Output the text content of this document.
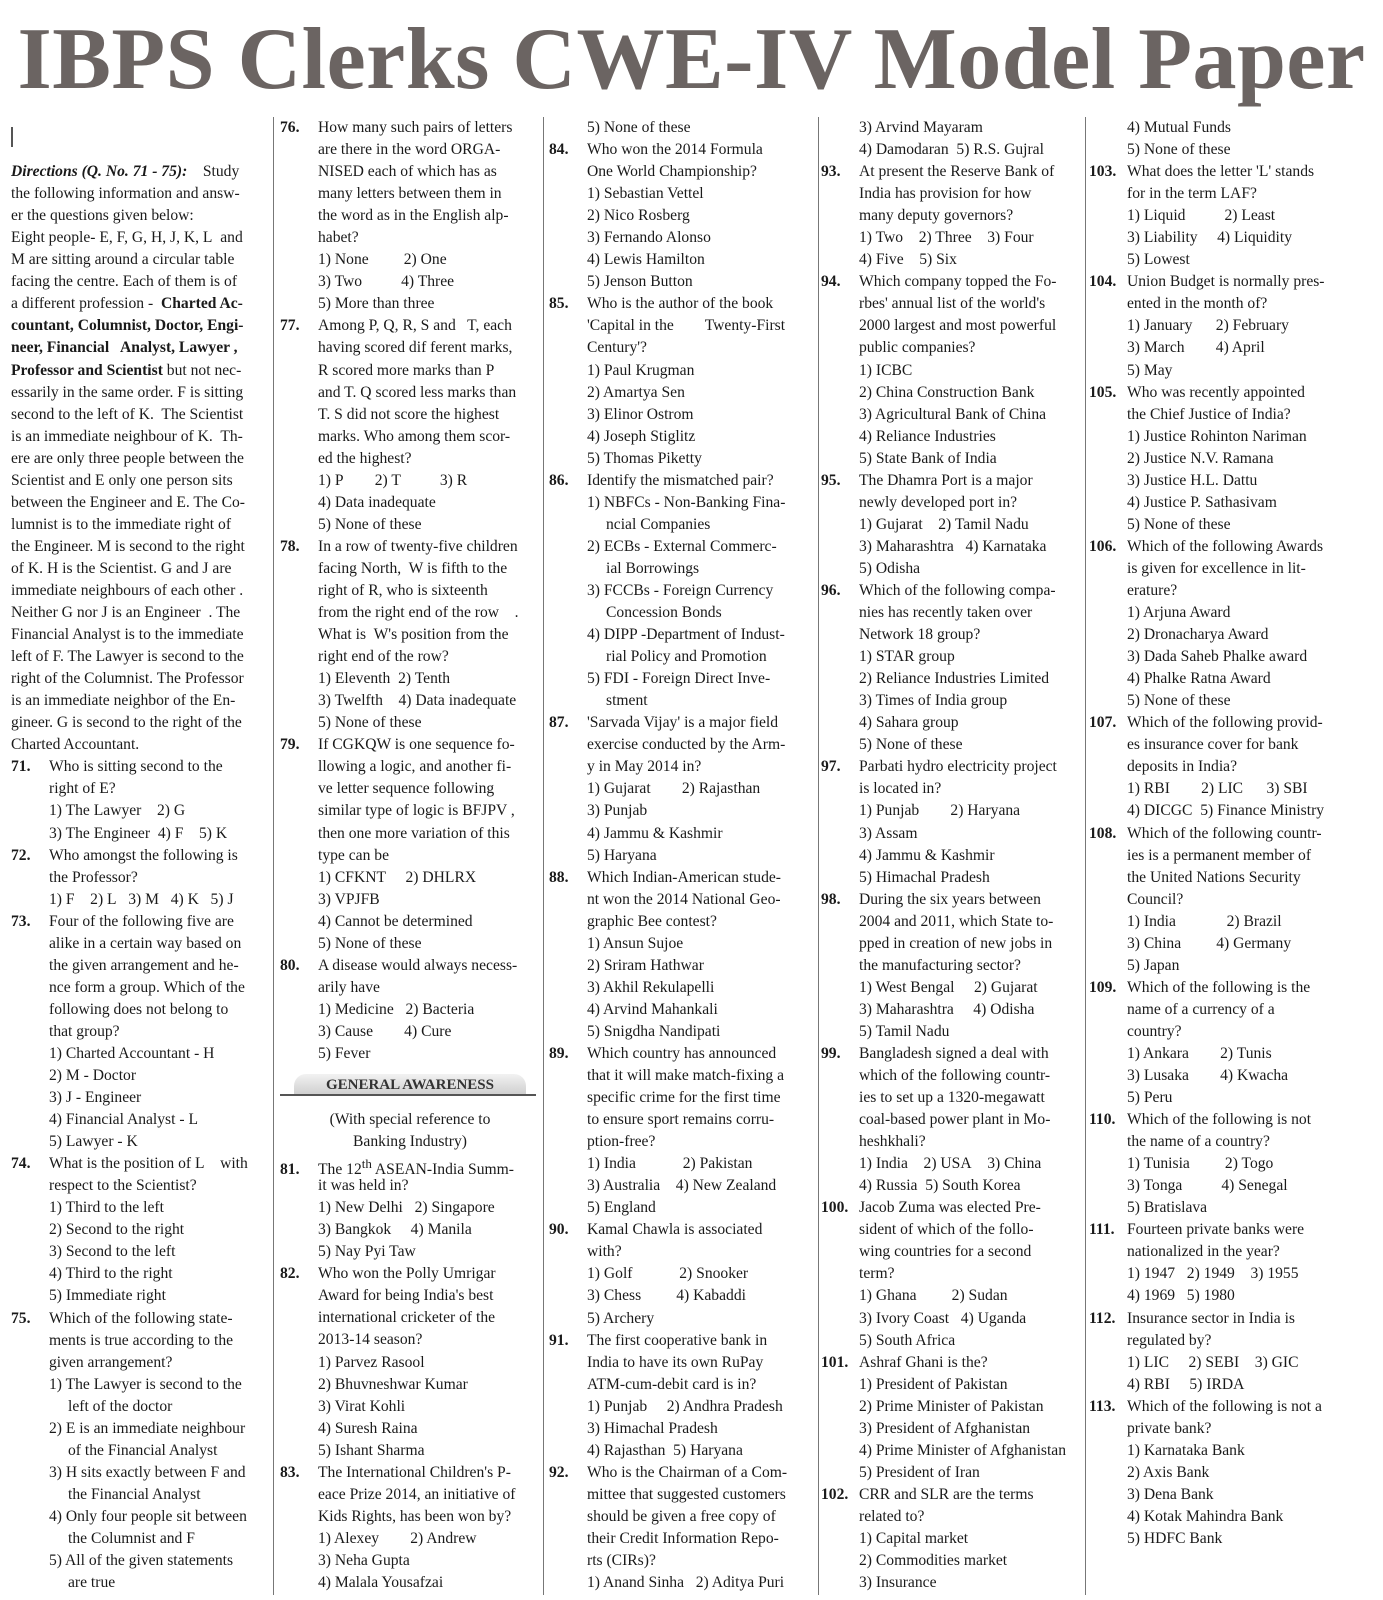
IBPS Clerks CWE-IV Model Paper
Directions (Q. No. 71 - 75):    Study
the following information and answ-
er the questions given below:
Eight people- E, F, G, H, J, K, L  and
M are sitting around a circular table
facing the centre. Each of them is of
a different profession -  Charted Ac-
countant, Columnist, Doctor, Engi-
neer, Financial   Analyst, Lawyer ,
Professor and Scientist but not nec-
essarily in the same order. F is sitting
second to the left of K.  The Scientist
is an immediate neighbour of K.  Th-
ere are only three people between the
Scientist and E only one person sits
between the Engineer and E. The Co-
lumnist is to the immediate right of
the Engineer. M is second to the right
of K. H is the Scientist. G and J are
immediate neighbours of each other .
Neither G nor J is an Engineer  . The
Financial Analyst is to the immediate
left of F. The Lawyer is second to the
right of the Columnist. The Professor
is an immediate neighbor of the En-
gineer. G is second to the right of the
Charted Accountant.
71. Who is sitting second to the
right of E?
1) The Lawyer    2) G
3) The Engineer  4) F    5) K
72. Who amongst the following is
the Professor?
1) F    2) L   3) M   4) K   5) J
73. Four of the following five are
alike in a certain way based on
the given arrangement and he-
nce form a group. Which of the
following does not belong to
that group?
1) Charted Accountant - H
2) M - Doctor
3) J - Engineer
4) Financial Analyst - L
5) Lawyer - K
74. What is the position of L    with
respect to the Scientist?
1) Third to the left
2) Second to the right
3) Second to the left
4) Third to the right
5) Immediate right
75. Which of the following state-
ments is true according to the
given arrangement?
1) The Lawyer is second to the
left of the doctor
2) E is an immediate neighbour
of the Financial Analyst
3) H sits exactly between F and
the Financial Analyst
4) Only four people sit between
the Columnist and F
5) All of the given statements
are true
76. How many such pairs of letters
are there in the word ORGA-
NISED each of which has as
many letters between them in
the word as in the English alp-
habet?
1) None         2) One
3) Two          4) Three
5) More than three
77. Among P, Q, R, S and   T, each
having scored dif ferent marks,
R scored more marks than P
and T. Q scored less marks than
T. S did not score the highest
marks. Who among them scor-
ed the highest?
1) P        2) T          3) R
4) Data inadequate
5) None of these
78. In a row of twenty-five children
facing North,  W is fifth to the
right of R, who is sixteenth
from the right end of the row    .
What is  W's position from the
right end of the row?
1) Eleventh  2) Tenth
3) Twelfth    4) Data inadequate
5) None of these
79. If CGKQW is one sequence fo-
llowing a logic, and another fi-
ve letter sequence following
similar type of logic is BFJPV ,
then one more variation of this
type can be
1) CFKNT     2) DHLRX
3) VPJFB
4) Cannot be determined
5) None of these
80. A disease would always necess-
arily have
1) Medicine   2) Bacteria
3) Cause        4) Cure
5) Fever
GENERAL AWARENESS
(With special reference to
Banking Industry)
81. The 12th ASEAN-India Summ-
it was held in?
1) New Delhi   2) Singapore
3) Bangkok     4) Manila
5) Nay Pyi Taw
82. Who won the Polly Umrigar
Award for being India's best
international cricketer of the
2013-14 season?
1) Parvez Rasool
2) Bhuvneshwar Kumar
3) Virat Kohli
4) Suresh Raina
5) Ishant Sharma
83. The International Children's P-
eace Prize 2014, an initiative of
Kids Rights, has been won by?
1) Alexey        2) Andrew
3) Neha Gupta
4) Malala Yousafzai
5) None of these
84. Who won the 2014 Formula
One World Championship?
1) Sebastian Vettel
2) Nico Rosberg
3) Fernando Alonso
4) Lewis Hamilton
5) Jenson Button
85. Who is the author of the book
'Capital in the        Twenty-First
Century'?
1) Paul Krugman
2) Amartya Sen
3) Elinor Ostrom
4) Joseph Stiglitz
5) Thomas Piketty
86. Identify the mismatched pair?
1) NBFCs - Non-Banking Fina-
ncial Companies
2) ECBs - External Commerc-
ial Borrowings
3) FCCBs - Foreign Currency
Concession Bonds
4) DIPP -Department of Indust-
rial Policy and Promotion
5) FDI - Foreign Direct Inve-
stment
87. 'Sarvada Vijay' is a major field
exercise conducted by the Arm-
y in May 2014 in?
1) Gujarat        2) Rajasthan
3) Punjab
4) Jammu & Kashmir
5) Haryana
88. Which Indian-American stude-
nt won the 2014 National Geo-
graphic Bee contest?
1) Ansun Sujoe
2) Sriram Hathwar
3) Akhil Rekulapelli
4) Arvind Mahankali
5) Snigdha Nandipati
89. Which country has announced
that it will make match-fixing a
specific crime for the first time
to ensure sport remains corru-
ption-free?
1) India            2) Pakistan
3) Australia    4) New Zealand
5) England
90. Kamal Chawla is associated
with?
1) Golf            2) Snooker
3) Chess         4) Kabaddi
5) Archery
91. The first cooperative bank in
India to have its own RuPay
ATM-cum-debit card is in?
1) Punjab     2) Andhra Pradesh
3) Himachal Pradesh
4) Rajasthan  5) Haryana
92. Who is the Chairman of a Com-
mittee that suggested customers
should be given a free copy of
their Credit Information Repo-
rts (CIRs)?
1) Anand Sinha   2) Aditya Puri
3) Arvind Mayaram
4) Damodaran  5) R.S. Gujral
93. At present the Reserve Bank of
India has provision for how
many deputy governors?
1) Two    2) Three    3) Four
4) Five    5) Six
94. Which company topped the Fo-
rbes' annual list of the world's
2000 largest and most powerful
public companies?
1) ICBC
2) China Construction Bank
3) Agricultural Bank of China
4) Reliance Industries
5) State Bank of India
95. The Dhamra Port is a major
newly developed port in?
1) Gujarat    2) Tamil Nadu
3) Maharashtra   4) Karnataka
5) Odisha
96. Which of the following compa-
nies has recently taken over
Network 18 group?
1) STAR group
2) Reliance Industries Limited
3) Times of India group
4) Sahara group
5) None of these
97. Parbati hydro electricity project
is located in?
1) Punjab        2) Haryana
3) Assam
4) Jammu & Kashmir
5) Himachal Pradesh
98. During the six years between
2004 and 2011, which State to-
pped in creation of new jobs in
the manufacturing sector?
1) West Bengal     2) Gujarat
3) Maharashtra     4) Odisha
5) Tamil Nadu
99. Bangladesh signed a deal with
which of the following countr-
ies to set up a 1320-megawatt
coal-based power plant in Mo-
heshkhali?
1) India    2) USA    3) China
4) Russia  5) South Korea
100. Jacob Zuma was elected Pre-
sident of which of the follo-
wing countries for a second
term?
1) Ghana         2) Sudan
3) Ivory Coast   4) Uganda
5) South Africa
101. Ashraf Ghani is the?
1) President of Pakistan
2) Prime Minister of Pakistan
3) President of Afghanistan
4) Prime Minister of Afghanistan
5) President of Iran
102. CRR and SLR are the terms
related to?
1) Capital market
2) Commodities market
3) Insurance
4) Mutual Funds
5) None of these
103. What does the letter 'L' stands
for in the term LAF?
1) Liquid          2) Least
3) Liability     4) Liquidity
5) Lowest
104. Union Budget is normally pres-
ented in the month of?
1) January      2) February
3) March        4) April
5) May
105. Who was recently appointed
the Chief Justice of India?
1) Justice Rohinton Nariman
2) Justice N.V. Ramana
3) Justice H.L. Dattu
4) Justice P. Sathasivam
5) None of these
106. Which of the following Awards
is given for excellence in lit-
erature?
1) Arjuna Award
2) Dronacharya Award
3) Dada Saheb Phalke award
4) Phalke Ratna Award
5) None of these
107. Which of the following provid-
es insurance cover for bank
deposits in India?
1) RBI        2) LIC      3) SBI
4) DICGC  5) Finance Ministry
108. Which of the following countr-
ies is a permanent member of
the United Nations Security
Council?
1) India             2) Brazil
3) China         4) Germany
5) Japan
109. Which of the following is the
name of a currency of a
country?
1) Ankara        2) Tunis
3) Lusaka        4) Kwacha
5) Peru
110. Which of the following is not
the name of a country?
1) Tunisia         2) Togo
3) Tonga          4) Senegal
5) Bratislava
111. Fourteen private banks were
nationalized in the year?
1) 1947   2) 1949    3) 1955
4) 1969   5) 1980
112. Insurance sector in India is
regulated by?
1) LIC     2) SEBI    3) GIC
4) RBI     5) IRDA
113. Which of the following is not a
private bank?
1) Karnataka Bank
2) Axis Bank
3) Dena Bank
4) Kotak Mahindra Bank
5) HDFC Bank
